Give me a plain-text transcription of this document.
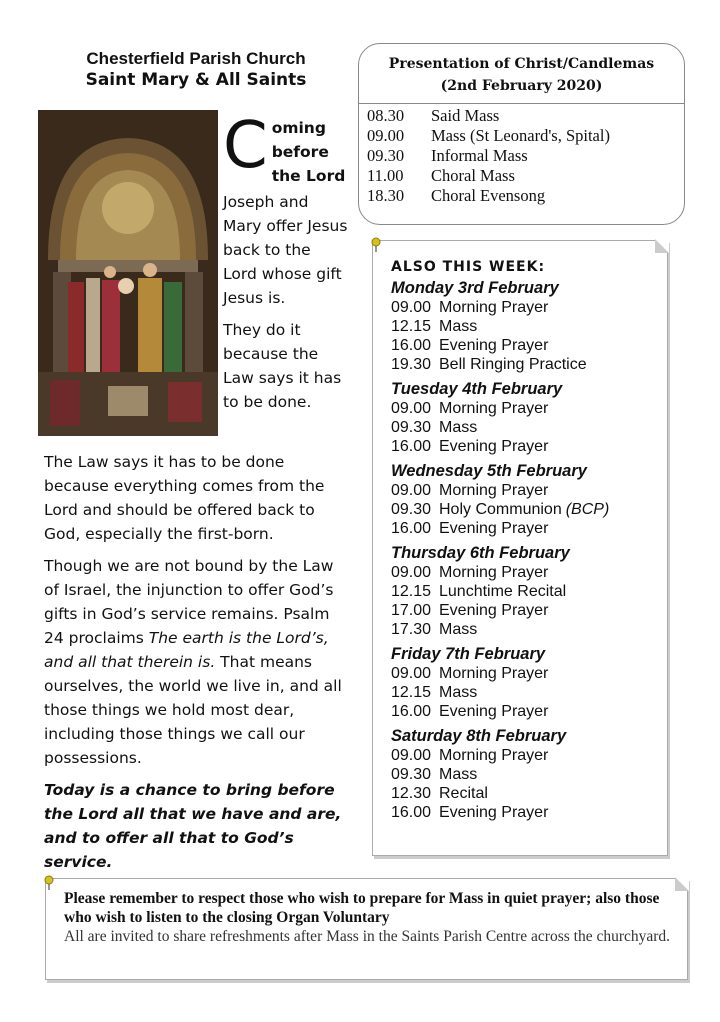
Chesterfield Parish Church
Saint Mary & All Saints
C oming
before
the Lord
Joseph and Mary offer Jesus back to the Lord whose gift Jesus is.
They do it because the Law says it has to be done.

The Law says it has to be done because everything comes from the Lord and should be offered back to God, especially the first-born.

Though we are not bound by the Law of Israel, the injunction to offer God’s gifts in God’s service remains. Psalm 24 proclaims The earth is the Lord’s, and all that therein is. That means ourselves, the world we live in, and all those things we hold most dear, including those things we call our possessions.

Today is a chance to bring before the Lord all that we have and are, and to offer all that to God’s service.

Presentation of Christ/Candlemas
(2nd February 2020)
08.30	Said Mass
09.00	Mass (St Leonard's, Spital)
09.30	Informal Mass
11.00	Choral Mass
18.30	Choral Evensong
ALSO THIS WEEK:
Monday 3rd February
09.00 Morning Prayer
12.15 Mass
16.00 Evening Prayer
19.30 Bell Ringing Practice
Tuesday 4th February
09.00 Morning Prayer
09.30 Mass
16.00 Evening Prayer
Wednesday 5th February
09.00 Morning Prayer
09.30 Holy Communion (BCP)
16.00 Evening Prayer
Thursday 6th February
09.00 Morning Prayer
12.15 Lunchtime Recital
17.00 Evening Prayer
17.30 Mass
Friday 7th February
09.00 Morning Prayer
12.15 Mass
16.00 Evening Prayer
Saturday 8th February
09.00 Morning Prayer
09.30 Mass
12.30 Recital
16.00 Evening Prayer
Please remember to respect those who wish to prepare for Mass in quiet prayer; also those who wish to listen to the closing Organ Voluntary
All are invited to share refreshments after Mass in the Saints Parish Centre across the churchyard.
